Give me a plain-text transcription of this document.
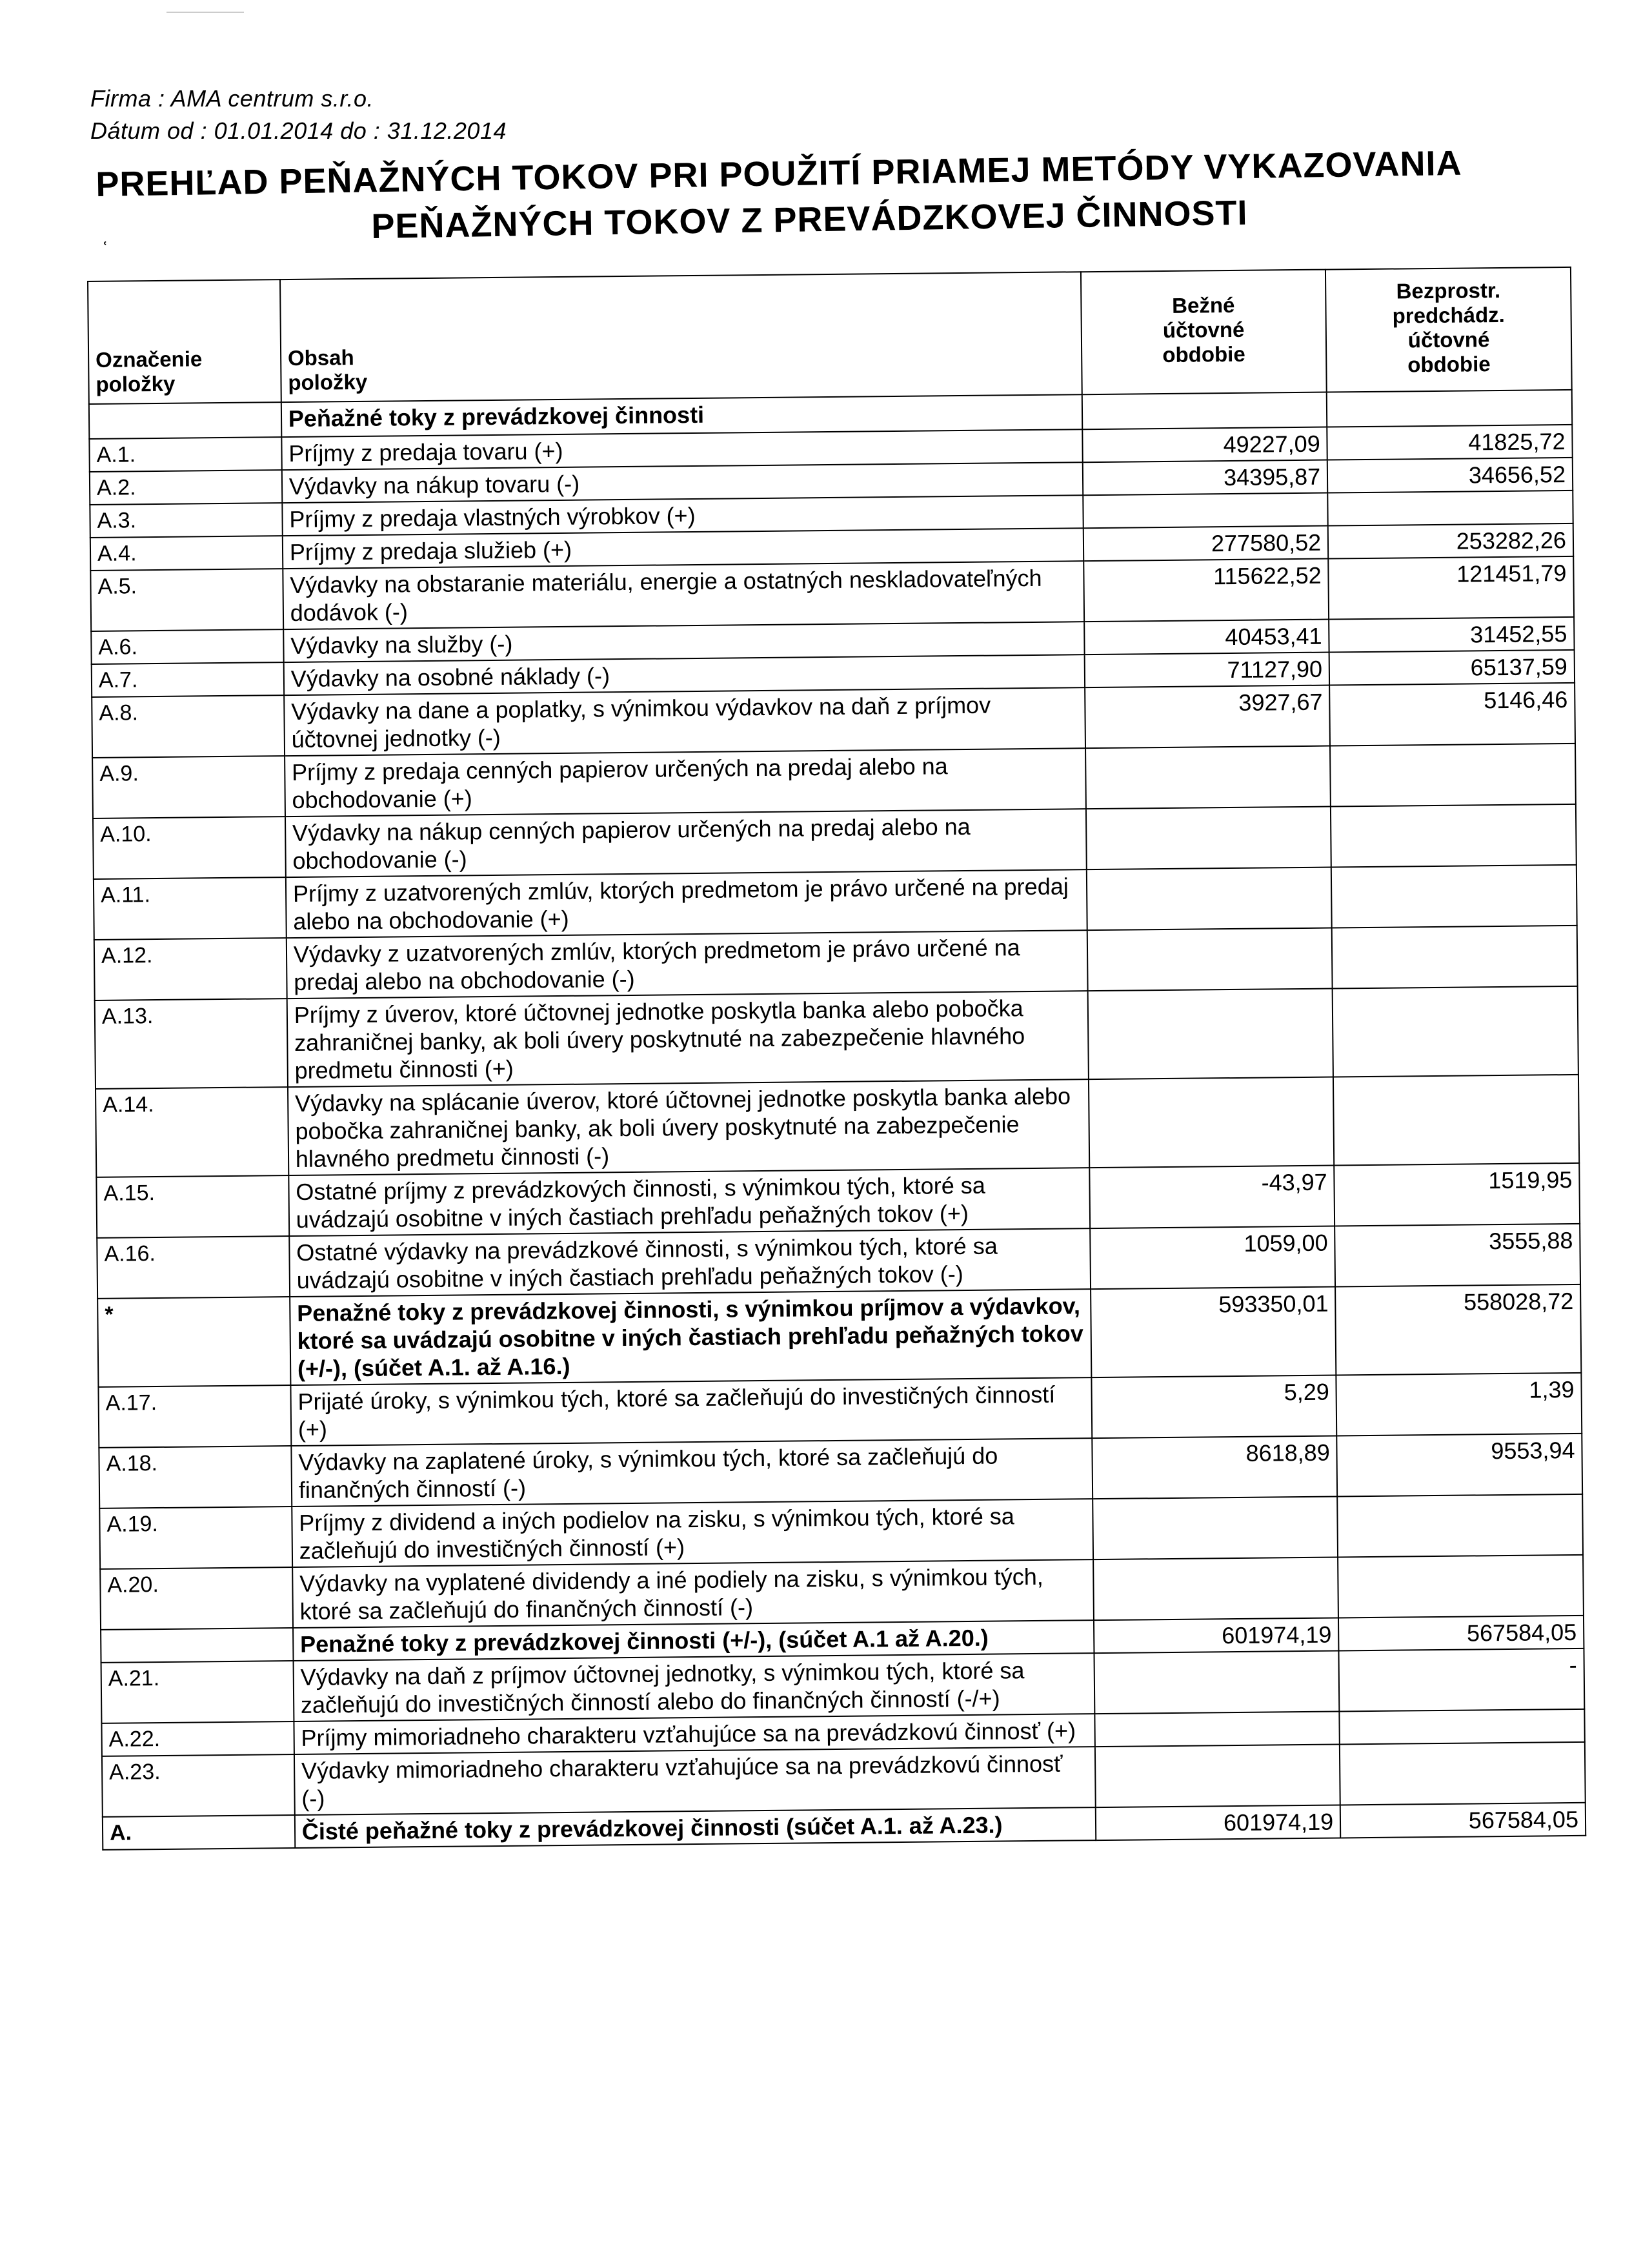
Firma : AMA centrum s.r.o.
Dátum od : 01.01.2014 do : 31.12.2014
PREHĽAD PEŇAŽNÝCH TOKOV PRI POUŽITÍ PRIAMEJ METÓDY VYKAZOVANIA
PEŇAŽNÝCH TOKOV Z PREVÁDZKOVEJ ČINNOSTI
ʿ
Označenie
položky	Obsah
položky	Bežné
účtovné
obdobie	Bezprostr.
predchádz.
účtovné
obdobie
	Peňažné toky z prevádzkovej činnosti		
A.1.	Príjmy z predaja tovaru (+)	49227,09	41825,72
A.2.	Výdavky na nákup tovaru (-)	34395,87	34656,52
A.3.	Príjmy z predaja vlastných výrobkov (+)		
A.4.	Príjmy z predaja služieb (+)	277580,52	253282,26
A.5.	Výdavky na obstaranie materiálu, energie a ostatných neskladovateľných dodávok (-)	115622,52	121451,79
A.6.	Výdavky na služby (-)	40453,41	31452,55
A.7.	Výdavky na osobné náklady (-)	71127,90	65137,59
A.8.	Výdavky na dane a poplatky, s výnimkou výdavkov na daň z príjmov účtovnej jednotky (-)	3927,67	5146,46
A.9.	Príjmy z predaja cenných papierov určených na predaj alebo na obchodovanie (+)		
A.10.	Výdavky na nákup cenných papierov určených na predaj alebo na obchodovanie (-)		
A.11.	Príjmy z uzatvorených zmlúv, ktorých predmetom je právo určené na predaj alebo na obchodovanie (+)		
A.12.	Výdavky z uzatvorených zmlúv, ktorých predmetom je právo určené na predaj alebo na obchodovanie (-)		
A.13.	Príjmy z úverov, ktoré účtovnej jednotke poskytla banka alebo pobočka zahraničnej banky, ak boli úvery poskytnuté na zabezpečenie hlavného predmetu činnosti (+)		
A.14.	Výdavky na splácanie úverov, ktoré účtovnej jednotke poskytla banka alebo pobočka zahraničnej banky, ak boli úvery poskytnuté na zabezpečenie hlavného predmetu činnosti (-)		
A.15.	Ostatné príjmy z prevádzkových činnosti, s výnimkou tých, ktoré sa uvádzajú osobitne v iných častiach prehľadu peňažných tokov (+)	-43,97	1519,95
A.16.	Ostatné výdavky na prevádzkové činnosti, s výnimkou tých, ktoré sa uvádzajú osobitne v iných častiach prehľadu peňažných tokov (-)	1059,00	3555,88
*	Penažné toky z prevádzkovej činnosti, s výnimkou príjmov a výdavkov, ktoré sa uvádzajú osobitne v iných častiach prehľadu peňažných tokov (+/-), (súčet A.1. až A.16.)	593350,01	558028,72
A.17.	Prijaté úroky, s výnimkou tých, ktoré sa začleňujú do investičných činností (+)	5,29	1,39
A.18.	Výdavky na zaplatené úroky, s výnimkou tých, ktoré sa začleňujú do finančných činností (-)	8618,89	9553,94
A.19.	Príjmy z dividend a iných podielov na zisku, s výnimkou tých, ktoré sa začleňujú do investičných činností (+)		
A.20.	Výdavky na vyplatené dividendy a iné podiely na zisku, s výnimkou tých, ktoré sa začleňujú do finančných činností (-)		
	Penažné toky z prevádzkovej činnosti (+/-), (súčet A.1 až A.20.)	601974,19	567584,05
A.21.	Výdavky na daň z príjmov účtovnej jednotky, s výnimkou tých, ktoré sa začleňujú do investičných činností alebo do finančných činností (-/+)		-
A.22.	Príjmy mimoriadneho charakteru vzťahujúce sa na prevádzkovú činnosť (+)		
A.23.	Výdavky mimoriadneho charakteru vzťahujúce sa na prevádzkovú činnosť (-)		
A.	Čisté peňažné toky z prevádzkovej činnosti (súčet A.1. až A.23.)	601974,19	567584,05
